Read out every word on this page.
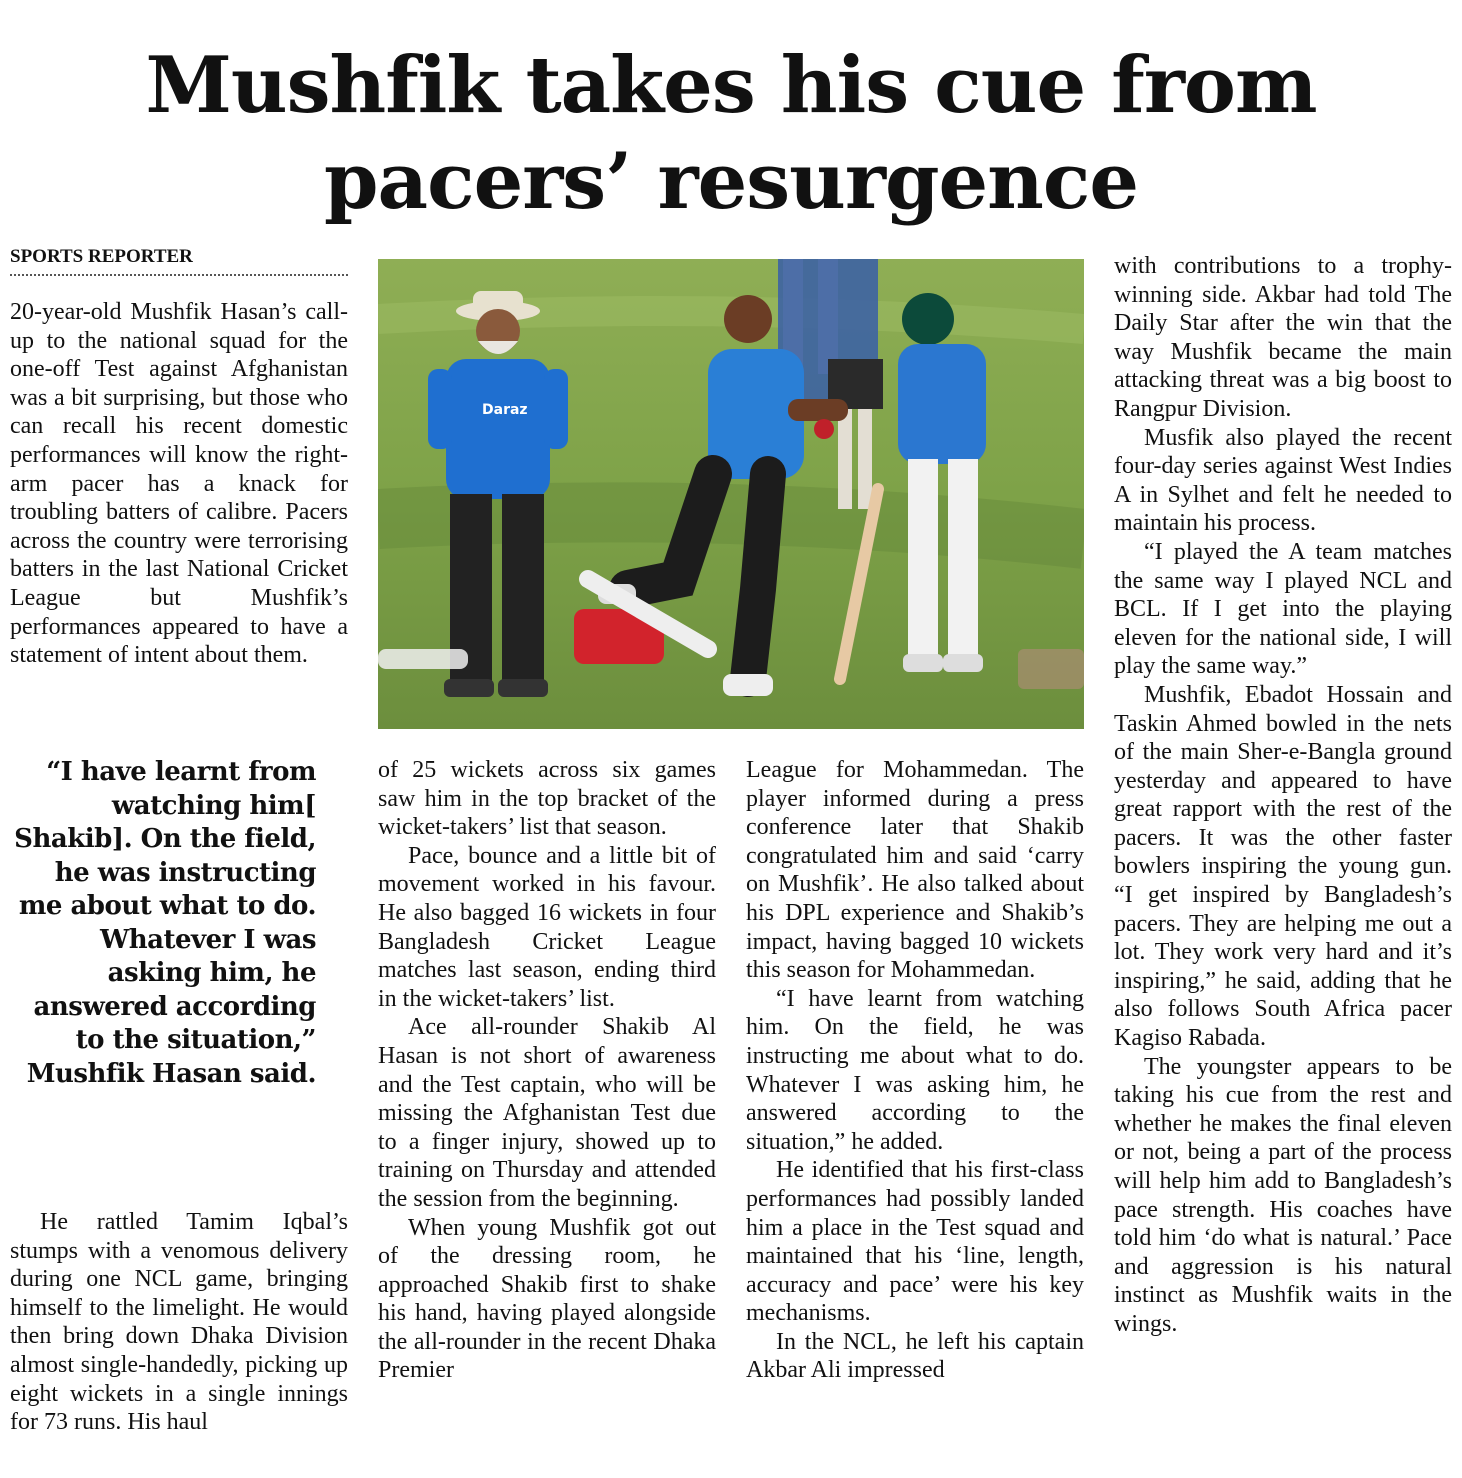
Mushfik takes his cue from pacers’ resurgence
SPORTS REPORTER

20-year-old Mushfik Hasan’s call-up to the national squad for the one-off Test against Afghanistan was a bit surprising, but those who can recall his recent domestic performances will know the right-arm pacer has a knack for troubling batters of calibre. Pacers across the country were terrorising batters in the last National Cricket League but Mushfik’s performances appeared to have a statement of intent about them.

“I have learnt from watching him[ Shakib]. On the field, he was instructing me about what to do. Whatever I was asking him, he answered according to the situation,” Mushfik Hasan said.

He rattled Tamim Iqbal’s stumps with a venomous delivery during one NCL game, bringing himself to the limelight. He would then bring down Dhaka Division almost single-handedly, picking up eight wickets in a single innings for 73 runs. His haul

Daraz

of 25 wickets across six games saw him in the top bracket of the wicket-takers’ list that season.

Pace, bounce and a little bit of movement worked in his favour. He also bagged 16 wickets in four Bangladesh Cricket League matches last season, ending third in the wicket-takers’ list.

Ace all-rounder Shakib Al Hasan is not short of awareness and the Test captain, who will be missing the Afghanistan Test due to a finger injury, showed up to training on Thursday and attended the session from the beginning.

When young Mushfik got out of the dressing room, he approached Shakib first to shake his hand, having played alongside the all-rounder in the recent Dhaka Premier

League for Mohammedan. The player informed during a press conference later that Shakib congratulated him and said ‘carry on Mushfik’. He also talked about his DPL experience and Shakib’s impact, having bagged 10 wickets this season for Mohammedan.

“I have learnt from watching him. On the field, he was instructing me about what to do. Whatever I was asking him, he answered according to the situation,” he added.

He identified that his first-class performances had possibly landed him a place in the Test squad and maintained that his ‘line, length, accuracy and pace’ were his key mechanisms.

In the NCL, he left his captain Akbar Ali impressed

with contributions to a trophy-winning side. Akbar had told The Daily Star after the win that the way Mushfik became the main attacking threat was a big boost to Rangpur Division.

Musfik also played the recent four-day series against West Indies A in Sylhet and felt he needed to maintain his process.

“I played the A team matches the same way I played NCL and BCL. If I get into the playing eleven for the national side, I will play the same way.”

Mushfik, Ebadot Hossain and Taskin Ahmed bowled in the nets of the main Sher-e-Bangla ground yesterday and appeared to have great rapport with the rest of the pacers. It was the other faster bowlers inspiring the young gun. “I get inspired by Bangladesh’s pacers. They are helping me out a lot. They work very hard and it’s inspiring,” he said, adding that he also follows South Africa pacer Kagiso Rabada.

The youngster appears to be taking his cue from the rest and whether he makes the final eleven or not, being a part of the process will help him add to Bangladesh’s pace strength. His coaches have told him ‘do what is natural.’ Pace and aggression is his natural instinct as Mushfik waits in the wings.
